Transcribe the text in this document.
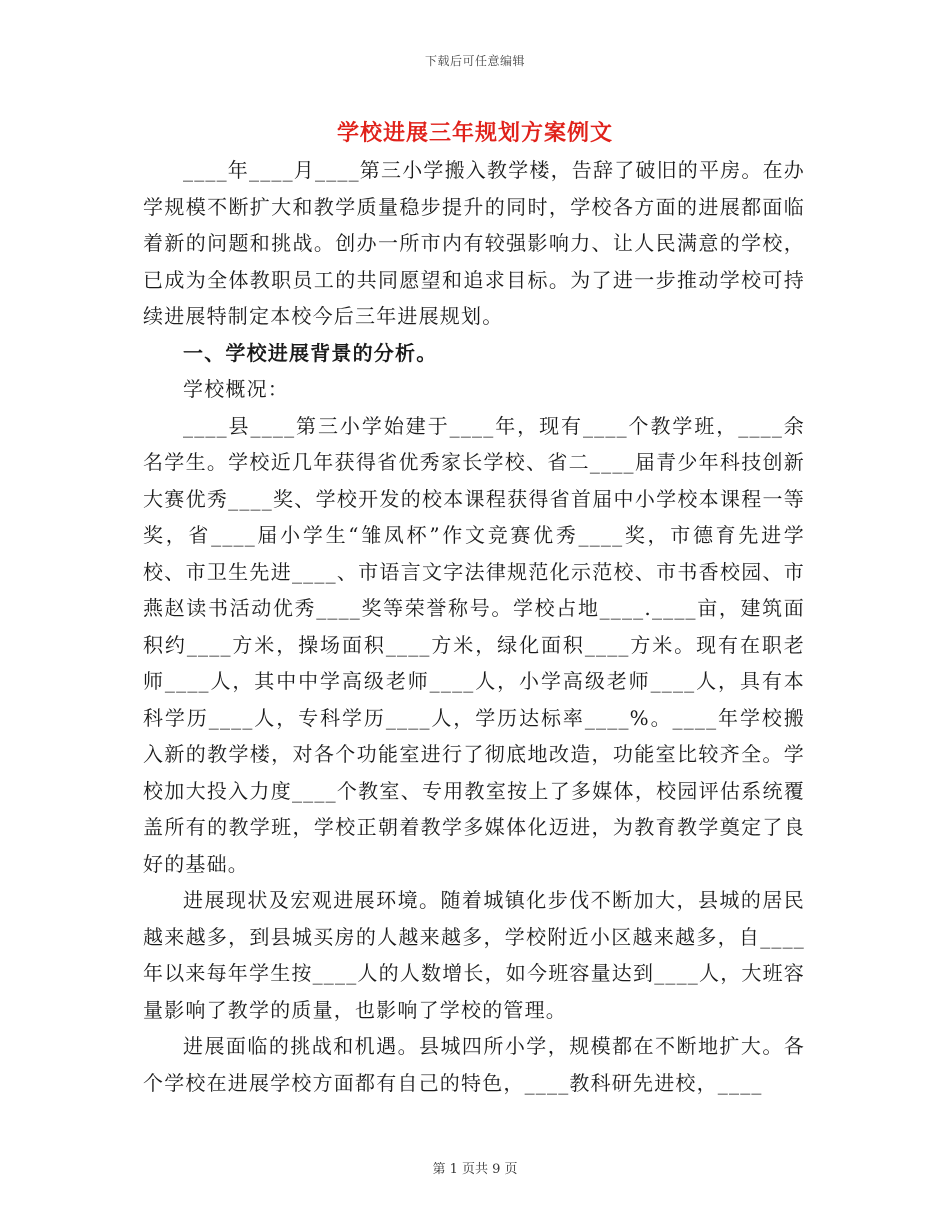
下载后可任意编辑
学校进展三年规划方案例文

____年____月____第三小学搬入教学楼，告辞了破旧的平房。在办学规模不断扩大和教学质量稳步提升的同时，学校各方面的进展都面临着新的问题和挑战。创办一所市内有较强影响力、让人民满意的学校，已成为全体教职员工的共同愿望和追求目标。为了进一步推动学校可持续进展特制定本校今后三年进展规划。

一、学校进展背景的分析。

学校概况：

____县____第三小学始建于____年，现有____个教学班，____余名学生。学校近几年获得省优秀家长学校、省二____届青少年科技创新大赛优秀____奖、学校开发的校本课程获得省首届中小学校本课程一等奖，省____届小学生“雏凤杯”作文竞赛优秀____奖，市德育先进学校、市卫生先进____、市语言文字法律规范化示范校、市书香校园、市燕赵读书活动优秀____奖等荣誉称号。学校占地____.____亩，建筑面积约____方米，操场面积____方米，绿化面积____方米。现有在职老师____人，其中中学高级老师____人，小学高级老师____人，具有本科学历____人，专科学历____人，学历达标率____%。____年学校搬入新的教学楼，对各个功能室进行了彻底地改造，功能室比较齐全。学校加大投入力度____个教室、专用教室按上了多媒体，校园评估系统覆盖所有的教学班，学校正朝着教学多媒体化迈进，为教育教学奠定了良好的基础。

进展现状及宏观进展环境。随着城镇化步伐不断加大，县城的居民越来越多，到县城买房的人越来越多，学校附近小区越来越多，自____年以来每年学生按____人的人数增长，如今班容量达到____人，大班容量影响了教学的质量，也影响了学校的管理。

进展面临的挑战和机遇。县城四所小学，规模都在不断地扩大。各个学校在进展学校方面都有自己的特色，____教科研先进校，____

第 1 页共 9 页
